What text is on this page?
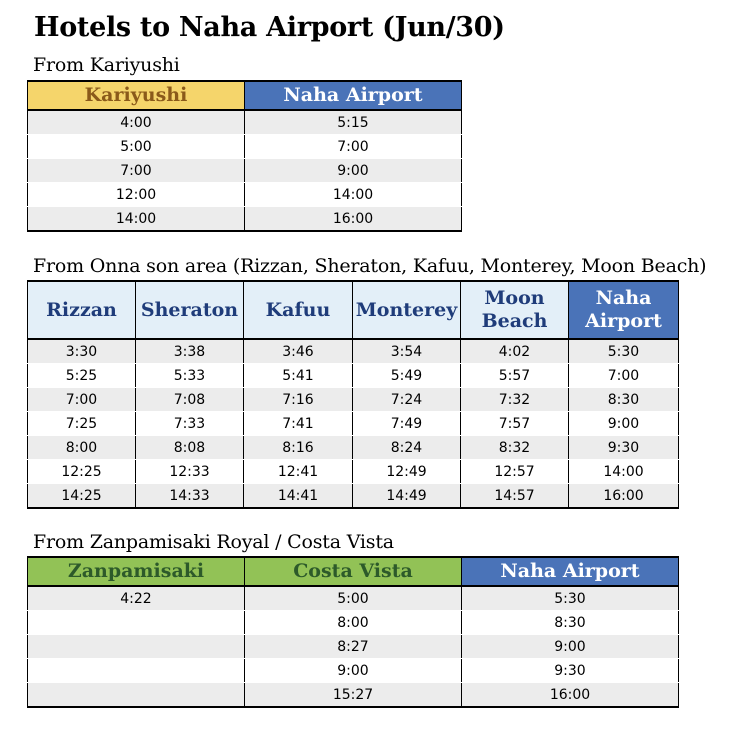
Hotels to Naha Airport (Jun/30)
From Kariyushi
Kariyushi	Naha Airport
4:00	5:15
5:00	7:00
7:00	9:00
12:00	14:00
14:00	16:00
From Onna son area (Rizzan, Sheraton, Kafuu, Monterey, Moon Beach)
Rizzan	Sheraton	Kafuu	Monterey	Moon Beach	Naha Airport
3:30	3:38	3:46	3:54	4:02	5:30
5:25	5:33	5:41	5:49	5:57	7:00
7:00	7:08	7:16	7:24	7:32	8:30
7:25	7:33	7:41	7:49	7:57	9:00
8:00	8:08	8:16	8:24	8:32	9:30
12:25	12:33	12:41	12:49	12:57	14:00
14:25	14:33	14:41	14:49	14:57	16:00
From Zanpamisaki Royal / Costa Vista
Zanpamisaki	Costa Vista	Naha Airport
4:22	5:00	5:30
	8:00	8:30
	8:27	9:00
	9:00	9:30
	15:27	16:00
